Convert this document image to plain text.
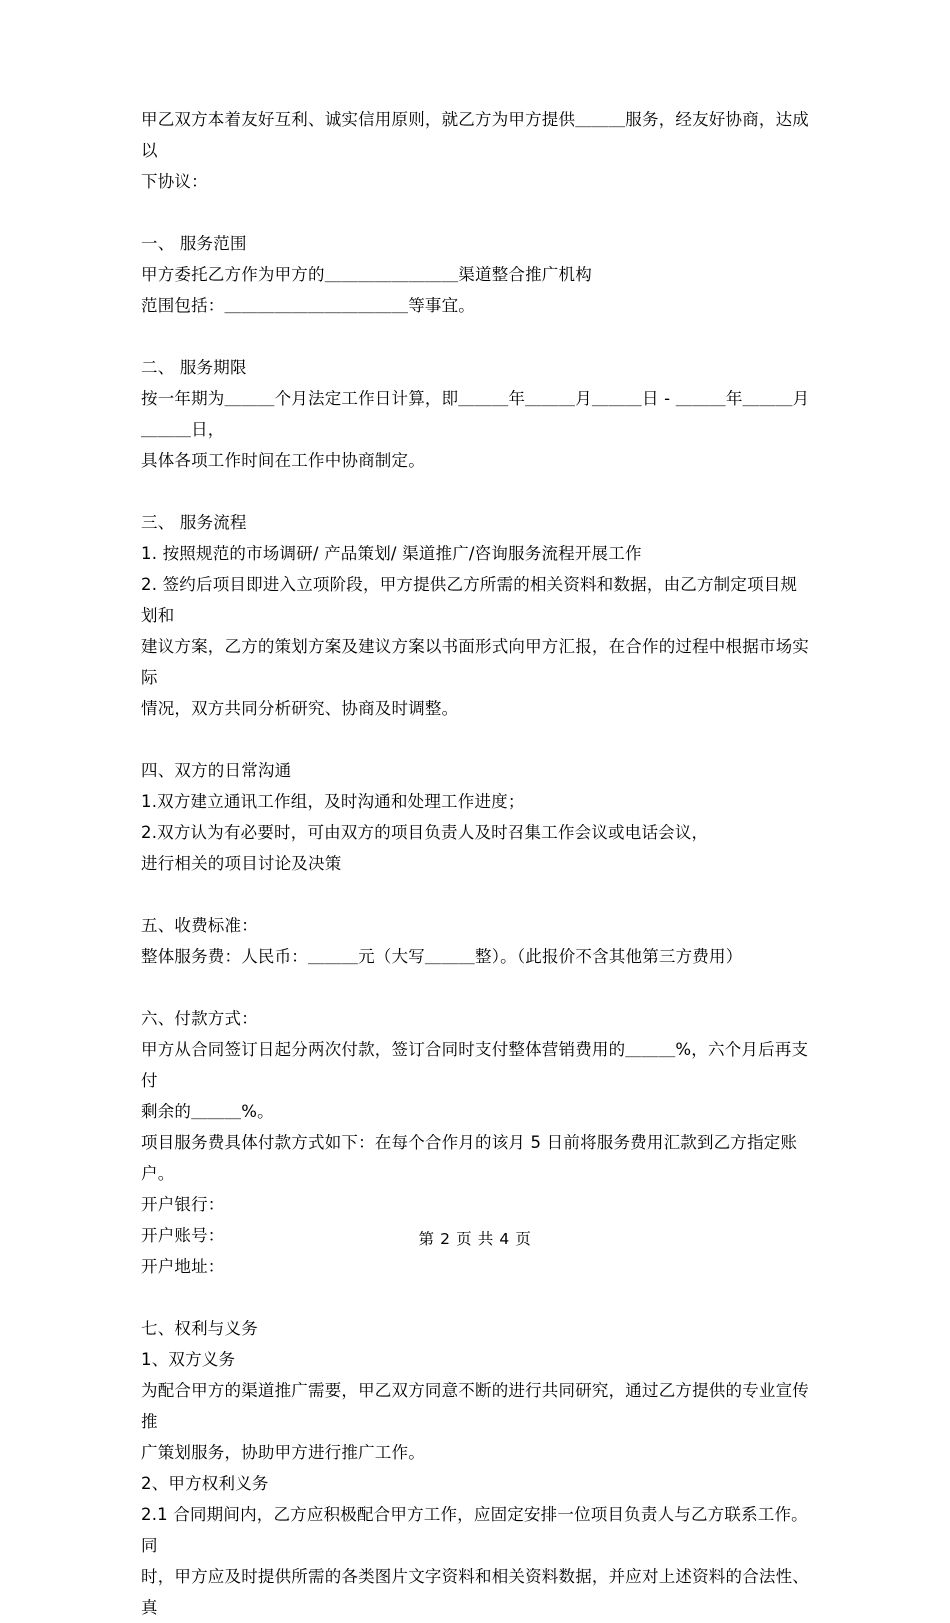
甲乙双方本着友好互利、诚实信用原则，就乙方为甲方提供＿＿＿服务，经友好协商，达成以
下协议：
一、 服务范围
甲方委托乙方作为甲方的＿＿＿＿＿＿＿＿渠道整合推广机构
范围包括：＿＿＿＿＿＿＿＿＿＿＿等事宜。
二、 服务期限
按一年期为＿＿＿个月法定工作日计算，即＿＿＿年＿＿＿月＿＿＿日 - ＿＿＿年＿＿＿月＿＿＿日，
具体各项工作时间在工作中协商制定。
三、 服务流程
1. 按照规范的市场调研/ 产品策划/ 渠道推广/咨询服务流程开展工作
2. 签约后项目即进入立项阶段，甲方提供乙方所需的相关资料和数据，由乙方制定项目规划和
建议方案，乙方的策划方案及建议方案以书面形式向甲方汇报，在合作的过程中根据市场实际
情况，双方共同分析研究、协商及时调整。
四、双方的日常沟通
1.双方建立通讯工作组，及时沟通和处理工作进度；
2.双方认为有必要时，可由双方的项目负责人及时召集工作会议或电话会议，
进行相关的项目讨论及决策
五、收费标准：
整体服务费：人民币：＿＿＿元（大写＿＿＿整）。（此报价不含其他第三方费用）
六、付款方式：
甲方从合同签订日起分两次付款，签订合同时支付整体营销费用的＿＿＿%，六个月后再支付
剩余的＿＿＿%。
项目服务费具体付款方式如下：在每个合作月的该月 5 日前将服务费用汇款到乙方指定账户。
开户银行：
开户账号：
开户地址：
七、权利与义务
1、双方义务
为配合甲方的渠道推广需要，甲乙双方同意不断的进行共同研究，通过乙方提供的专业宣传推
广策划服务，协助甲方进行推广工作。
2、甲方权利义务
2.1 合同期间内，乙方应积极配合甲方工作，应固定安排一位项目负责人与乙方联系工作。同
时，甲方应及时提供所需的各类图片文字资料和相关资料数据，并应对上述资料的合法性、真
第 2 页 共 4 页
